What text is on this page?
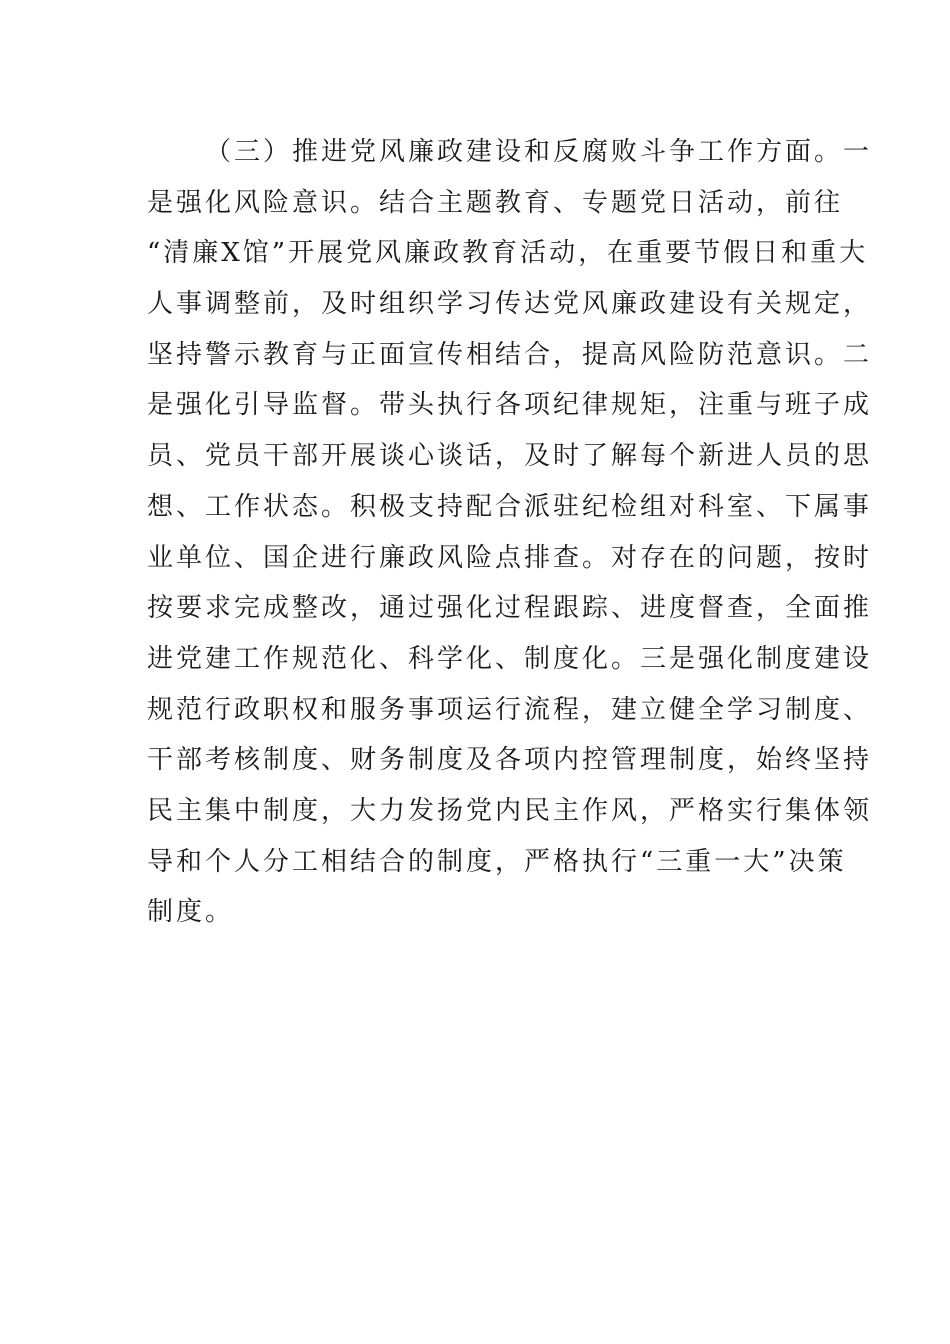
（三）推进党风廉政建设和反腐败斗争工作方面。一
是强化风险意识。结合主题教育、专题党日活动，前往
“清廉X馆”开展党风廉政教育活动，在重要节假日和重大
人事调整前，及时组织学习传达党风廉政建设有关规定，
坚持警示教育与正面宣传相结合，提高风险防范意识。二
是强化引导监督。带头执行各项纪律规矩，注重与班子成
员、党员干部开展谈心谈话，及时了解每个新进人员的思
想、工作状态。积极支持配合派驻纪检组对科室、下属事
业单位、国企进行廉政风险点排查。对存在的问题，按时
按要求完成整改，通过强化过程跟踪、进度督查，全面推
进党建工作规范化、科学化、制度化。三是强化制度建设
规范行政职权和服务事项运行流程，建立健全学习制度、
干部考核制度、财务制度及各项内控管理制度，始终坚持
民主集中制度，大力发扬党内民主作风，严格实行集体领
导和个人分工相结合的制度，严格执行“三重一大”决策
制度。
